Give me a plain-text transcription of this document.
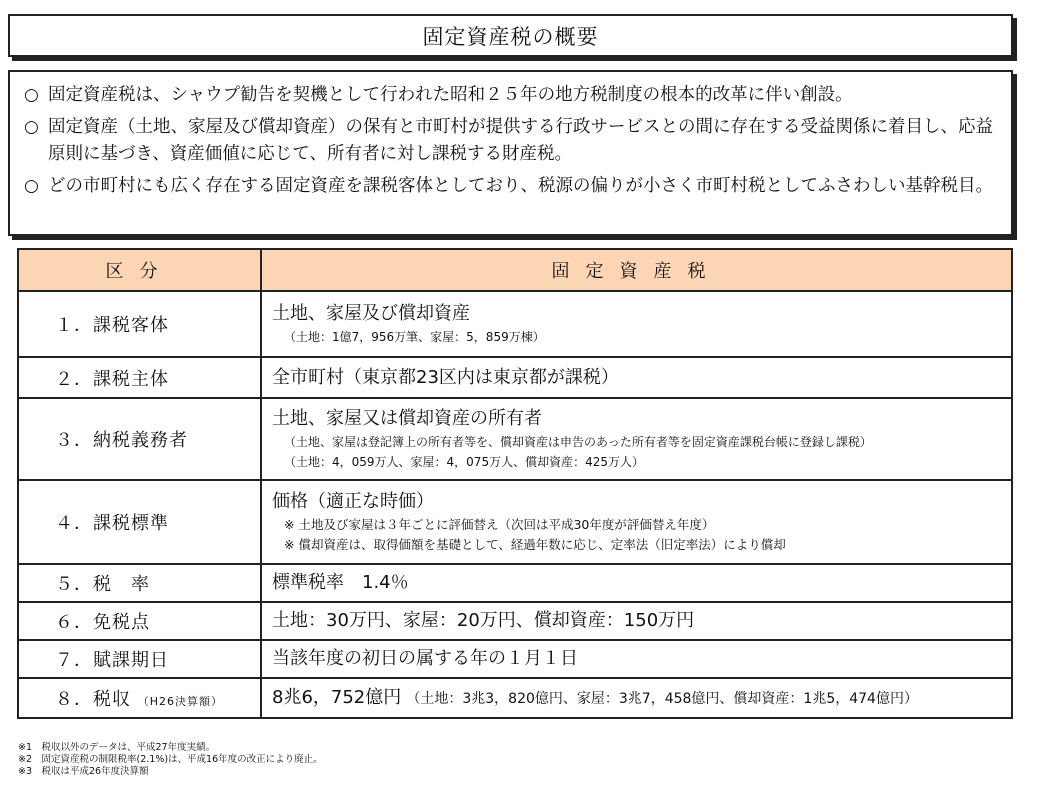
固定資産税の概要
○ 固定資産税は、シャウプ勧告を契機として行われた昭和２５年の地方税制度の根本的改革に伴い創設。
○ 固定資産（土地、家屋及び償却資産）の保有と市町村が提供する行政サービスとの間に存在する受益関係に着目し、応益原則に基づき、資産価値に応じて、所有者に対し課税する財産税。
○ どの市町村にも広く存在する固定資産を課税客体としており、税源の偏りが小さく市町村税としてふさわしい基幹税目。
区分	固定資産税
１．課税客体	土地、家屋及び償却資産
（土地：1億7，956万筆、家屋：5，859万棟）

２．課税主体	全市町村（東京都23区内は東京都が課税）

３．納税義務者	土地、家屋又は償却資産の所有者
（土地、家屋は登記簿上の所有者等を、償却資産は申告のあった所有者等を固定資産課税台帳に登録し課税）
（土地：4，059万人、家屋：4，075万人、償却資産：425万人）

４．課税標準	価格（適正な時価）
※ 土地及び家屋は３年ごとに評価替え（次回は平成30年度が評価替え年度）
※ 償却資産は、取得価額を基礎として、経過年数に応じ、定率法（旧定率法）により償却

５．税　率	標準税率　1.4％

６．免税点	土地：30万円、家屋：20万円、償却資産：150万円

７．賦課期日	当該年度の初日の属する年の１月１日

８．税収 （H26決算額）	8兆6，752億円 （土地：3兆3，820億円、家屋：3兆7，458億円、償却資産：1兆5，474億円）
※1　税収以外のデータは、平成27年度実績。
※2　固定資産税の制限税率(2.1%)は、平成16年度の改正により廃止。
※3　税収は平成26年度決算額
